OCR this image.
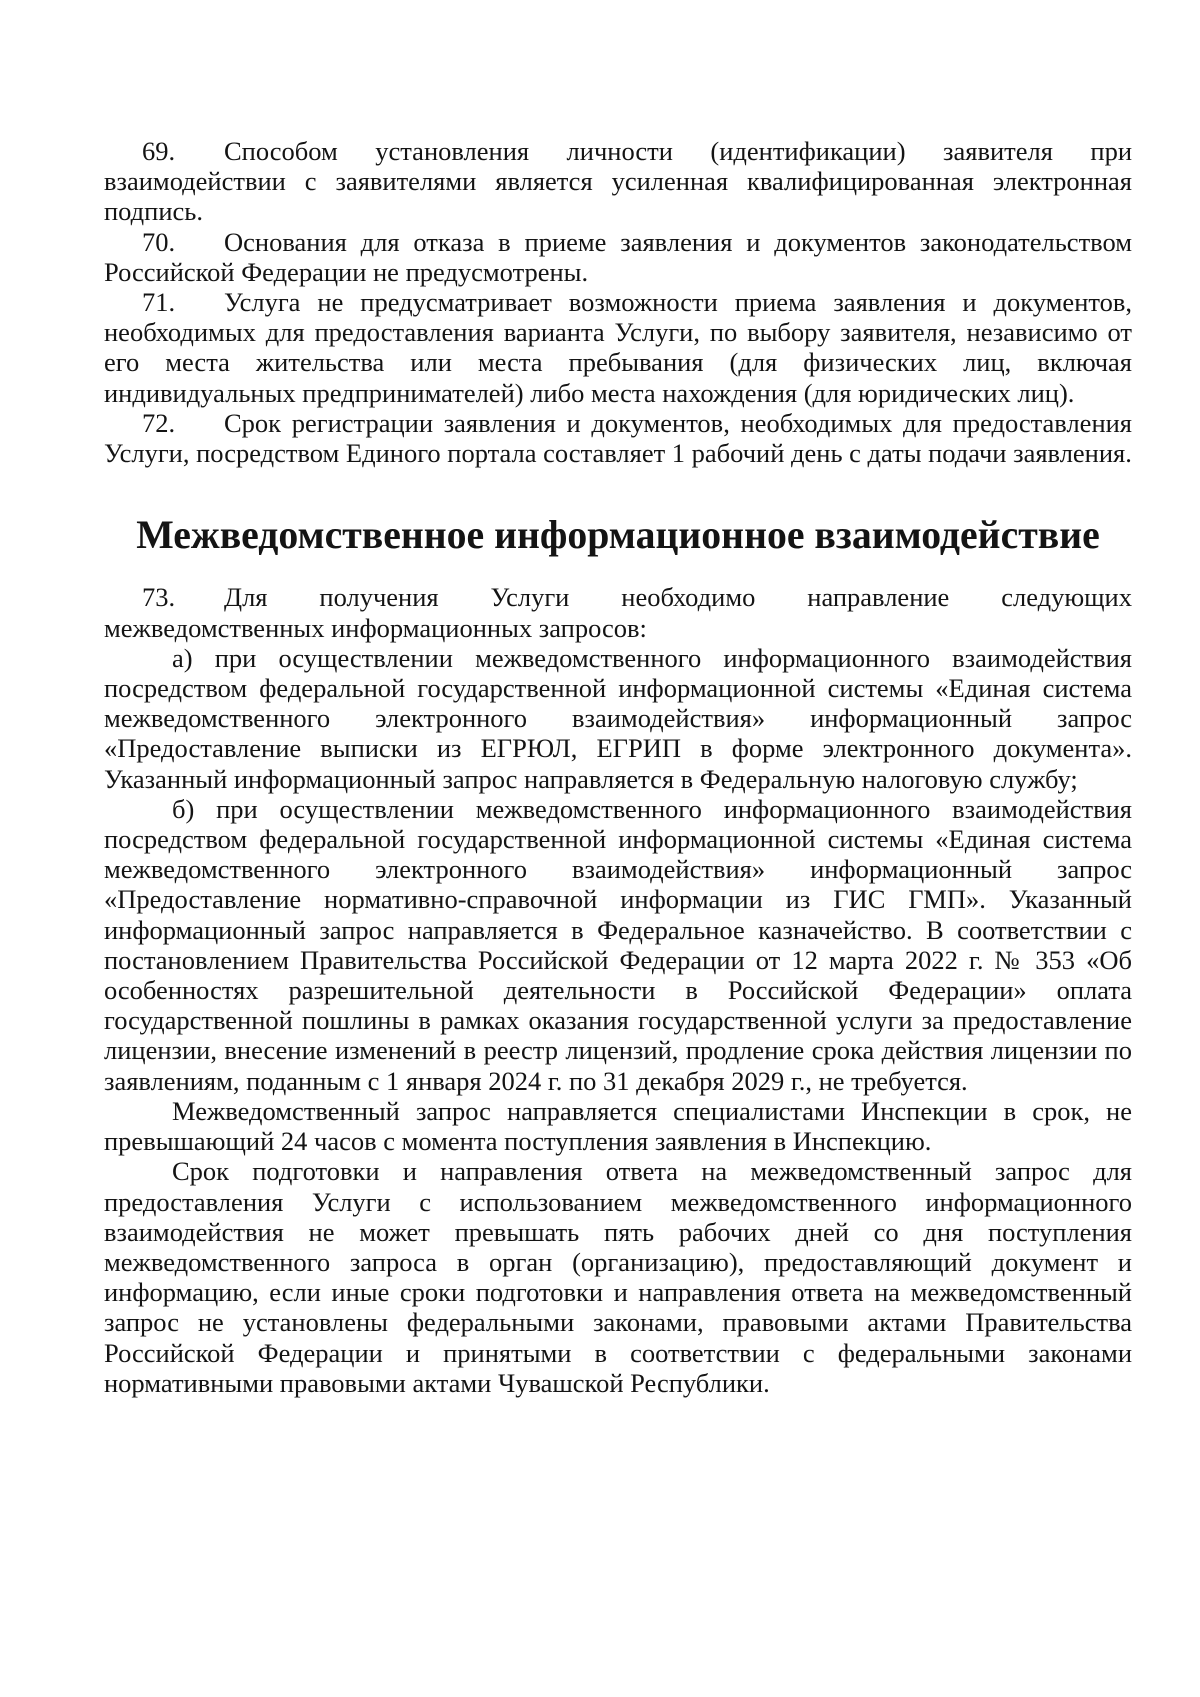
69. Способом установления личности (идентификации) заявителя при взаимодействии с заявителями является усиленная квалифицированная электронная подпись.

70. Основания для отказа в приеме заявления и документов законодательством Российской Федерации не предусмотрены.

71. Услуга не предусматривает возможности приема заявления и документов, необходимых для предоставления варианта Услуги, по выбору заявителя, независимо от его места жительства или места пребывания (для физических лиц, включая индивидуальных предпринимателей) либо места нахождения (для юридических лиц).

72. Срок регистрации заявления и документов, необходимых для предоставления Услуги, посредством Единого портала составляет 1 рабочий день с даты подачи заявления.

Межведомственное информационное взаимодействие

73. Для получения Услуги необходимо направление следующих межведомственных информационных запросов:

а) при осуществлении межведомственного информационного взаимодействия посредством федеральной государственной информационной системы «Единая система межведомственного электронного взаимодействия» информационный запрос «Предоставление выписки из ЕГРЮЛ, ЕГРИП в форме электронного документа». Указанный информационный запрос направляется в Федеральную налоговую службу;

б) при осуществлении межведомственного информационного взаимодействия посредством федеральной государственной информационной системы «Единая система межведомственного электронного взаимодействия» информационный запрос «Предоставление нормативно-справочной информации из ГИС ГМП». Указанный информационный запрос направляется в Федеральное казначейство. В соответствии с постановлением Правительства Российской Федерации от 12 марта 2022 г. № 353 «Об особенностях разрешительной деятельности в Российской Федерации» оплата государственной пошлины в рамках оказания государственной услуги за предоставление лицензии, внесение изменений в реестр лицензий, продление срока действия лицензии по заявлениям, поданным с 1 января 2024 г. по 31 декабря 2029 г., не требуется.

Межведомственный запрос направляется специалистами Инспекции в срок, не превышающий 24 часов с момента поступления заявления в Инспекцию.

Срок подготовки и направления ответа на межведомственный запрос для предоставления Услуги с использованием межведомственного информационного взаимодействия не может превышать пять рабочих дней со дня поступления межведомственного запроса в орган (организацию), предоставляющий документ и информацию, если иные сроки подготовки и направления ответа на межведомственный запрос не установлены федеральными законами, правовыми актами Правительства Российской Федерации и принятыми в соответствии с федеральными законами нормативными правовыми актами Чувашской Республики.
